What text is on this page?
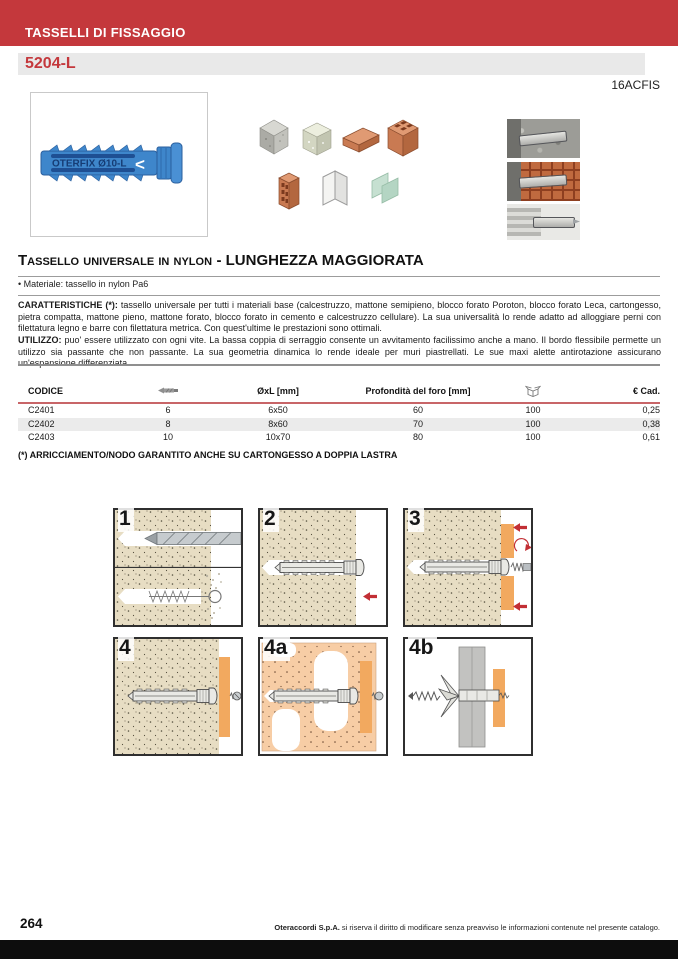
TASSELLI DI FISSAGGIO
5204-L
16ACFIS
OTERFIX Ø10-L <
Tassello universale in nylon - LUNGHEZZA MAGGIORATA
• Materiale: tassello in nylon Pa6

CARATTERISTICHE (*): tassello universale per tutti i materiali base (calcestruzzo, mattone semipieno, blocco forato Poroton, blocco forato Leca, cartongesso, pietra compatta, mattone pieno, mattone forato, blocco forato in cemento e calcestruzzo cellulare). La sua universalità lo rende adatto ad alloggiare perni con filettatura legno e barre con filettatura metrica. Con quest'ultime le prestazioni sono ottimali.

UTILIZZO: puo' essere utilizzato con ogni vite. La bassa coppia di serraggio consente un avvitamento facilissimo anche a mano. Il bordo flessibile permette un utilizzo sia passante che non passante. La sua geometria dinamica lo rende ideale per muri piastrellati. Le sue maxi alette antirotazione assicurano un'espansione differenziata.

CODICE	ØxL [mm]	Profondità del foro [mm]	€ Cad.
C2401	6	6x50	60	100	0,25
C2402	8	8x60	70	100	0,38
C2403	10	10x70	80	100	0,61
(*) ARRICCIAMENTO/NODO GARANTITO ANCHE SU CARTONGESSO A DOPPIA LASTRA
1	2	3
4	4a	4b
264	Oteraccordi S.p.A. si riserva il diritto di modificare senza preavviso le informazioni contenute nel presente catalogo.
